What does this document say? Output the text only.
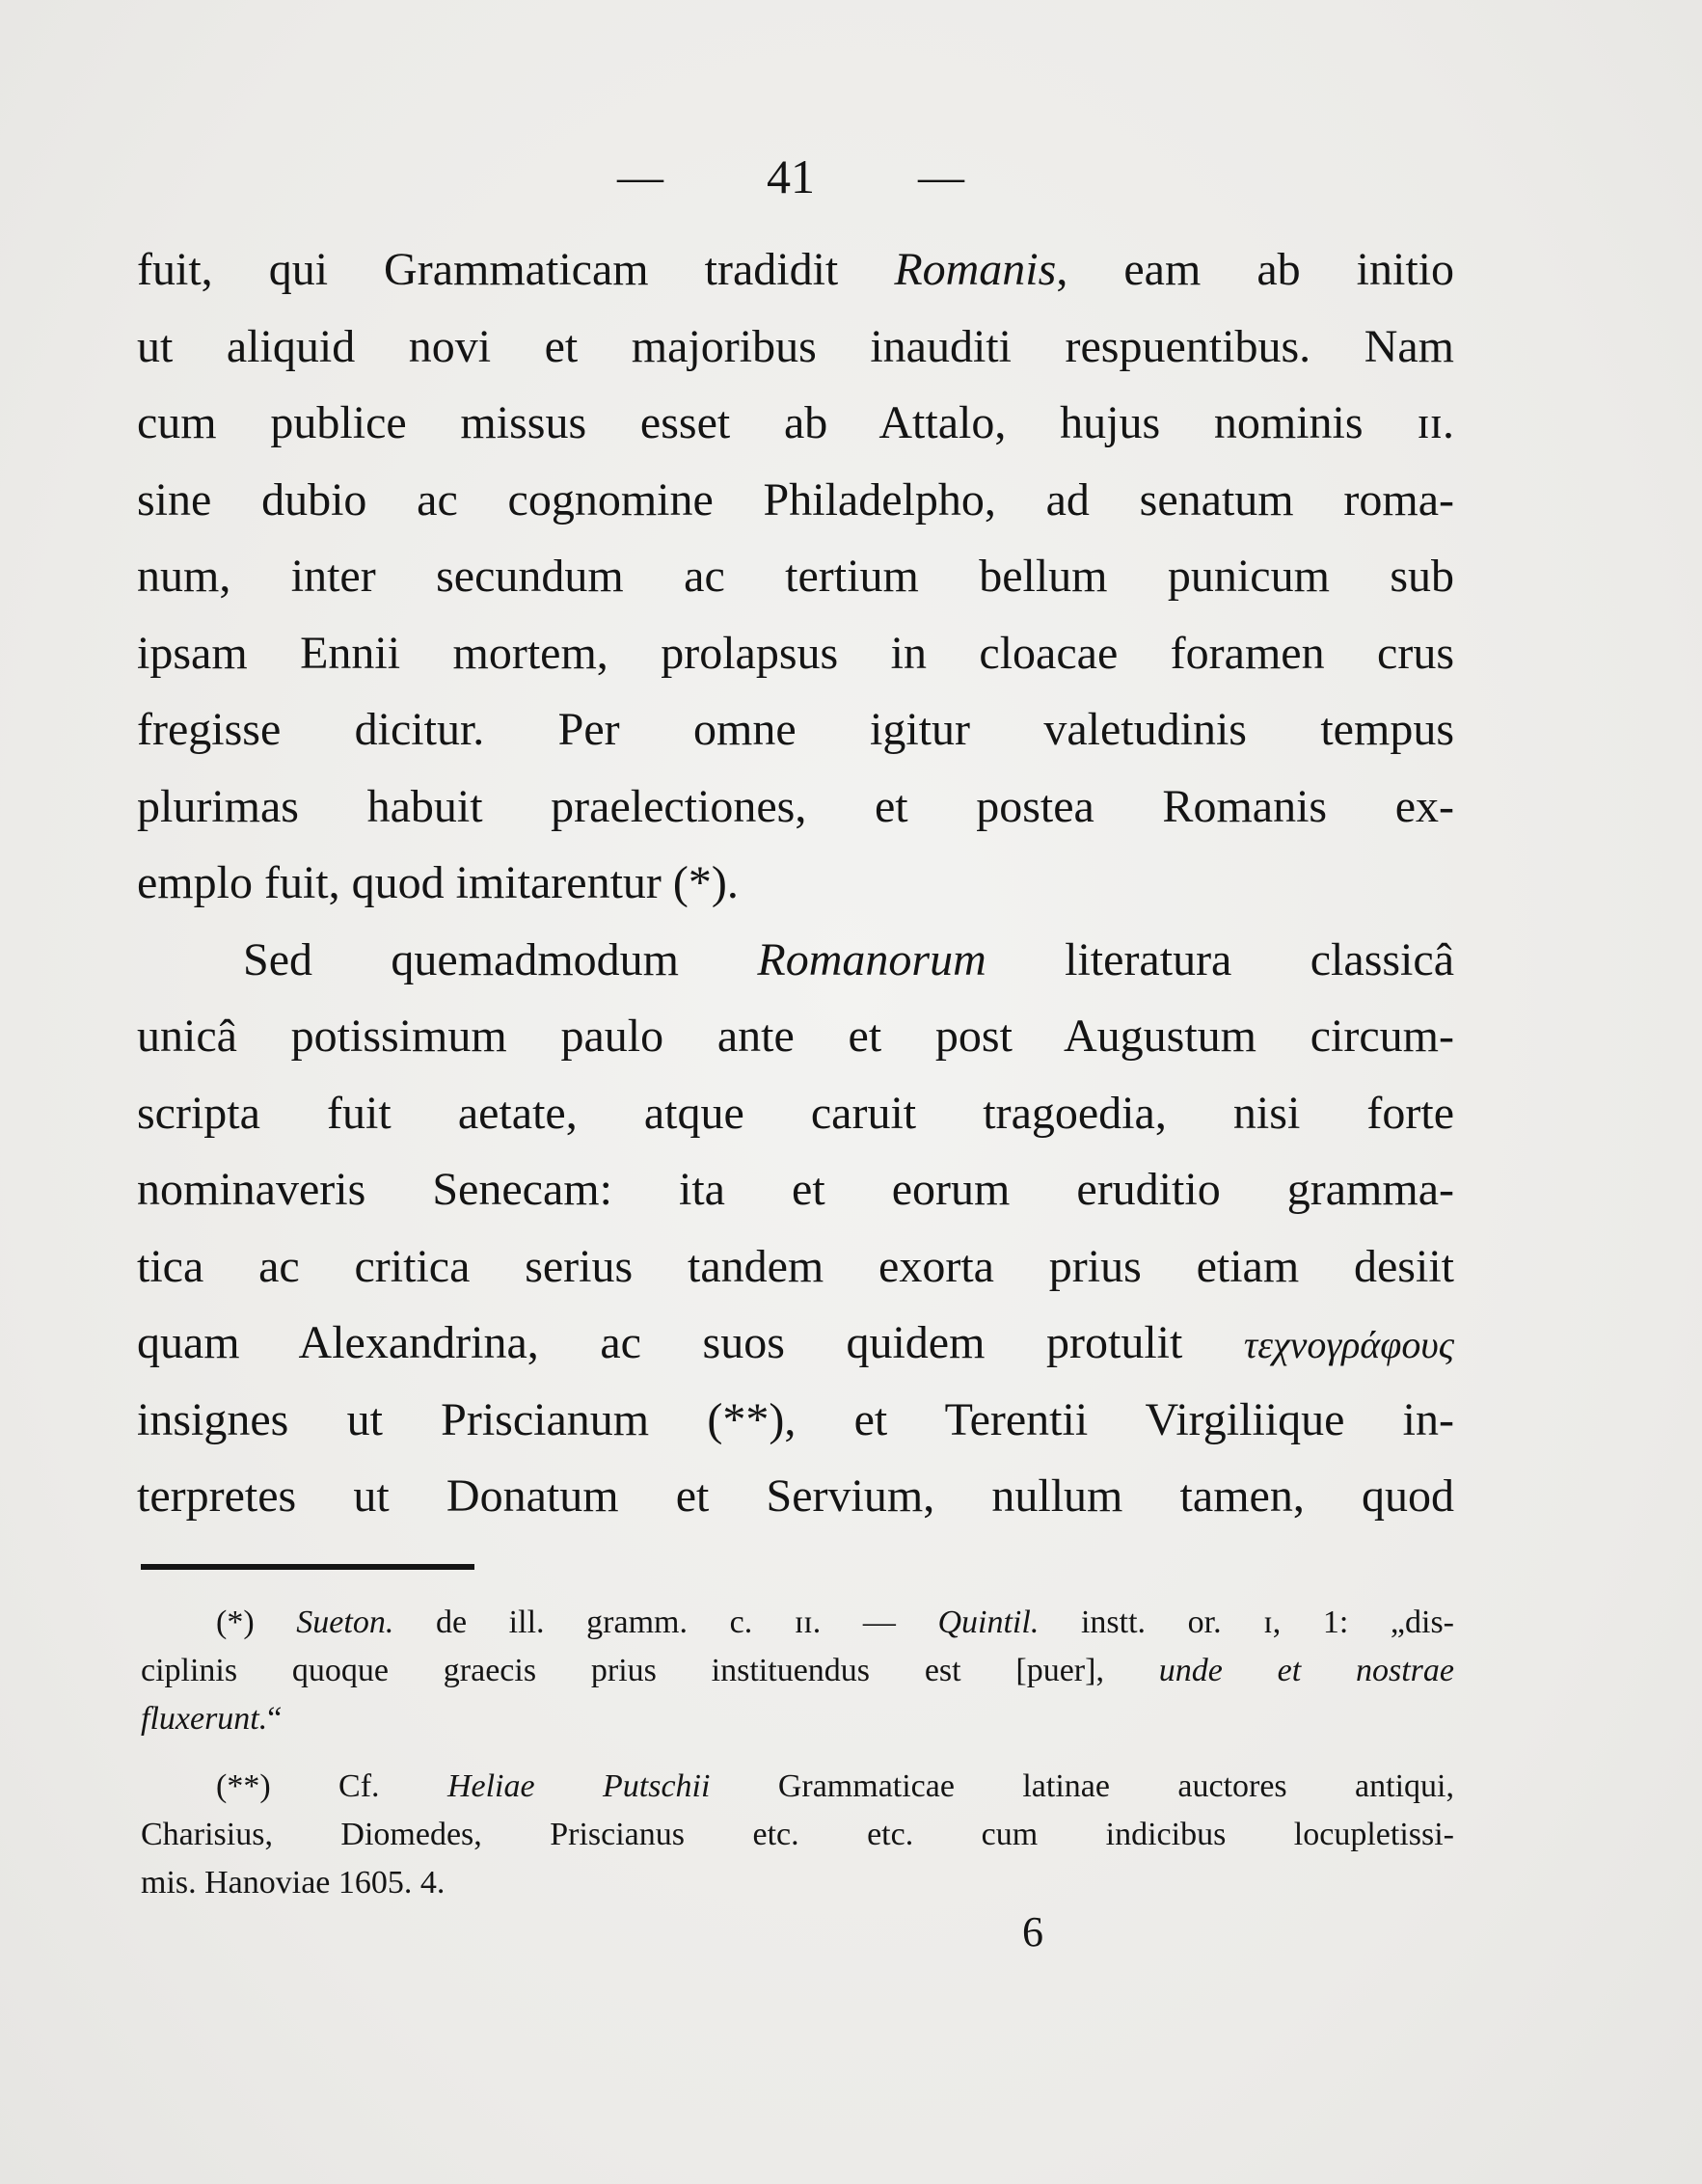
— 41 —
fuit, qui Grammaticam tradidit Romanis, eam ab initio
ut aliquid novi et majoribus inauditi respuentibus. Nam
cum publice missus esset ab Attalo, hujus nominis ɪɪ.
sine dubio ac cognomine Philadelpho, ad senatum roma-
num, inter secundum ac tertium bellum punicum sub
ipsam Ennii mortem, prolapsus in cloacae foramen crus
fregisse dicitur. Per omne igitur valetudinis tempus
plurimas habuit praelectiones, et postea Romanis ex-
emplo fuit, quod imitarentur (*).
Sed quemadmodum Romanorum literatura classicâ
unicâ potissimum paulo ante et post Augustum circum-
scripta fuit aetate, atque caruit tragoedia, nisi forte
nominaveris Senecam: ita et eorum eruditio gramma-
tica ac critica serius tandem exorta prius etiam desiit
quam Alexandrina, ac suos quidem protulit τεχνογράφους
insignes ut Priscianum (**), et Terentii Virgiliique in-
terpretes ut Donatum et Servium, nullum tamen, quod
(*) Sueton. de ill. gramm. c. ɪɪ. — Quintil. instt. or. ɪ, 1: „dis-
ciplinis quoque graecis prius instituendus est [puer], unde et nostrae
fluxerunt.“
(**) Cf. Heliae Putschii Grammaticae latinae auctores antiqui,
Charisius, Diomedes, Priscianus etc. etc. cum indicibus locupletissi-
mis. Hanoviae 1605. 4.
6
